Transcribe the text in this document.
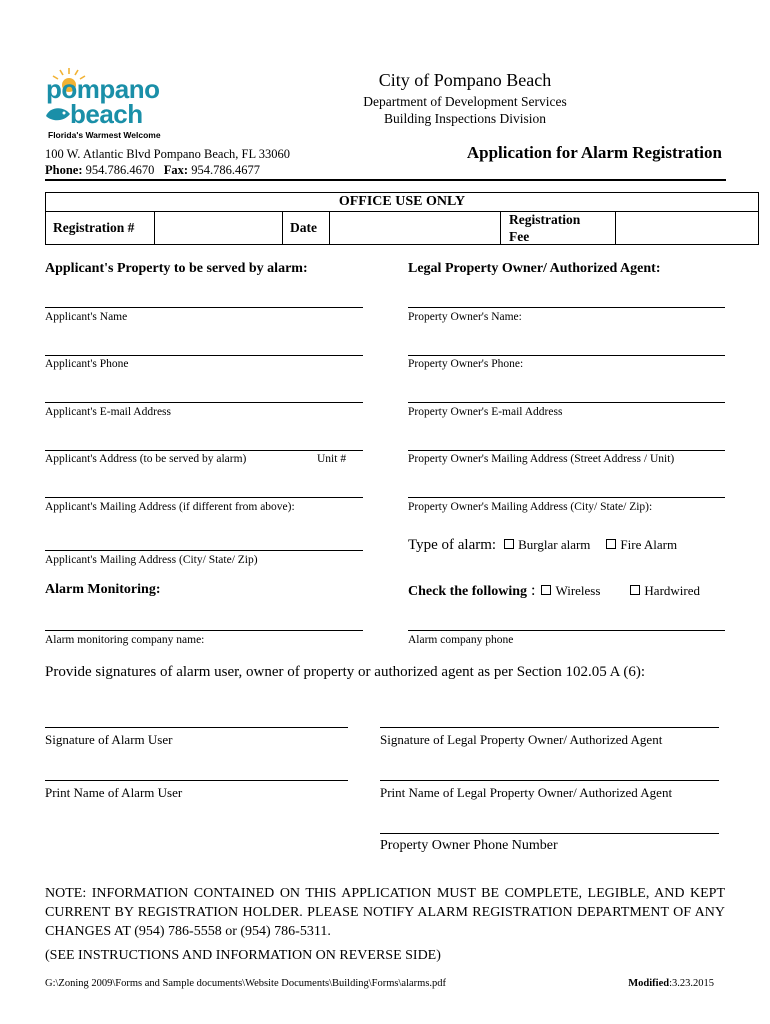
pompano
beach
Florida's Warmest Welcome
City of Pompano Beach
Department of Development Services
Building Inspections Division
100 W. Atlantic Blvd Pompano Beach, FL 33060
Phone: 954.786.4670 Fax: 954.786.4677
Application for Alarm Registration
OFFICE USE ONLY
Registration #	Date
Registration
Fee
Applicant's Property to be served by alarm:	Legal Property Owner/ Authorized Agent:
Applicant's Name
Applicant's Phone
Applicant's E-mail Address
Applicant's Address (to be served by alarm)	Unit #
Applicant's Mailing Address (if different from above):
Applicant's Mailing Address (City/ State/ Zip)
Property Owner's Name:
Property Owner's Phone:
Property Owner's E-mail Address
Property Owner's Mailing Address (Street Address / Unit)
Property Owner's Mailing Address (City/ State/ Zip):
Type of alarm: Burglar alarm Fire Alarm
Alarm Monitoring:	Check the following : Wireless	Hardwired
Alarm monitoring company name:	Alarm company phone
Provide signatures of alarm user, owner of property or authorized agent as per Section 102.05 A (6):
Signature of Alarm User	Signature of Legal Property Owner/ Authorized Agent
Print Name of Alarm User	Print Name of Legal Property Owner/ Authorized Agent
Property Owner Phone Number
NOTE: INFORMATION CONTAINED ON THIS APPLICATION MUST BE COMPLETE, LEGIBLE, AND KEPT CURRENT BY REGISTRATION HOLDER. PLEASE NOTIFY ALARM REGISTRATION DEPARTMENT OF ANY CHANGES AT (954) 786-5558 or (954) 786-5311.
(SEE INSTRUCTIONS AND INFORMATION ON REVERSE SIDE)
G:\Zoning 2009\Forms and Sample documents\Website Documents\Building\Forms\alarms.pdf	Modified:3.23.2015
